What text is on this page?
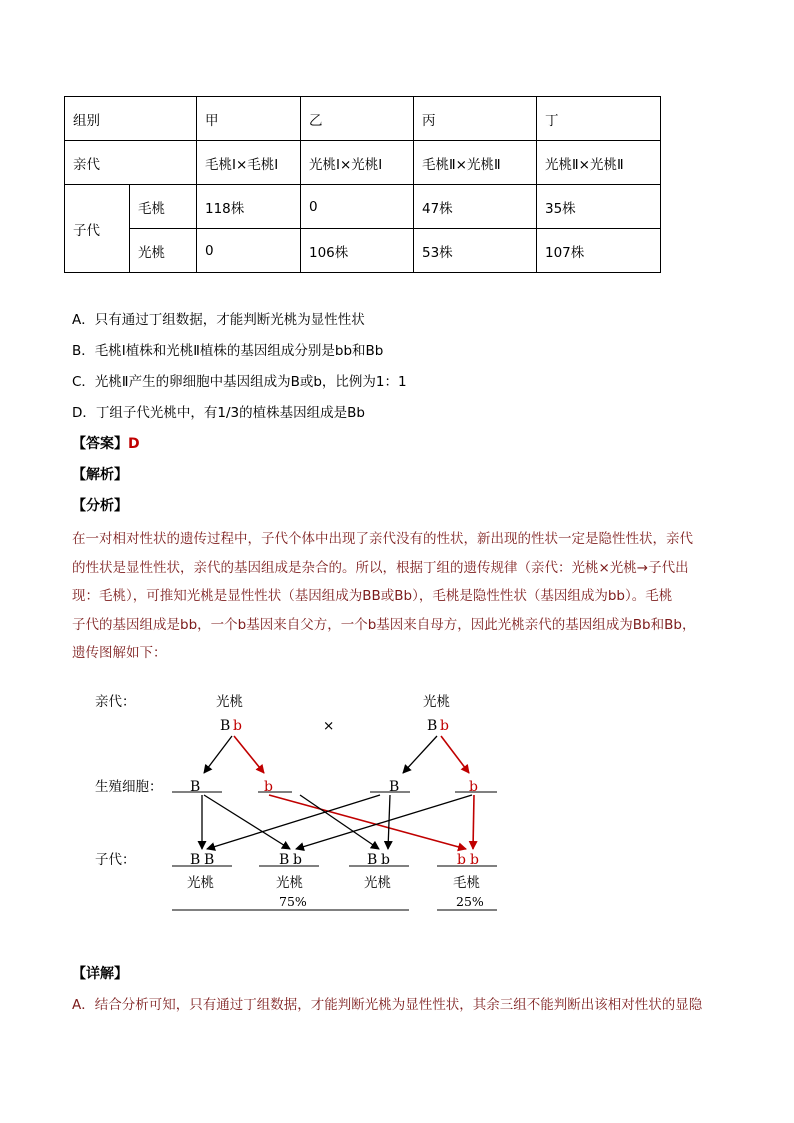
组别		甲	乙	丙	丁
亲代		毛桃Ⅰ×毛桃Ⅰ	光桃Ⅰ×光桃Ⅰ	毛桃Ⅱ×光桃Ⅱ	光桃Ⅱ×光桃Ⅱ
子代	毛桃	118株	0	47株	35株
	光桃	0	106株	53株	107株
A．只有通过丁组数据，才能判断光桃为显性性状
B．毛桃Ⅰ植株和光桃Ⅱ植株的基因组成分别是bb和Bb
C．光桃Ⅱ产生的卵细胞中基因组成为B或b，比例为1：1
D．丁组子代光桃中，有1/3的植株基因组成是Bb
【答案】D
【解析】
【分析】

在一对相对性状的遗传过程中，子代个体中出现了亲代没有的性状，新出现的性状一定是隐性性状，亲代

的性状是显性性状，亲代的基因组成是杂合的。所以，根据丁组的遗传规律（亲代：光桃×光桃→子代出

现：毛桃），可推知光桃是显性性状（基因组成为BB或Bb），毛桃是隐性性状（基因组成为bb）。毛桃

子代的基因组成是bb，一个b基因来自父方，一个b基因来自母方，因此光桃亲代的基因组成为Bb和Bb，

遗传图解如下：

亲代：
生殖细胞：
子代：
光桃
B b	×
光桃
B b
B	b	B	b
B B	B b	B b	b b
光桃	光桃	光桃	毛桃
75%	25%
【详解】
A．结合分析可知，只有通过丁组数据，才能判断光桃为显性性状，其余三组不能判断出该相对性状的显隐
